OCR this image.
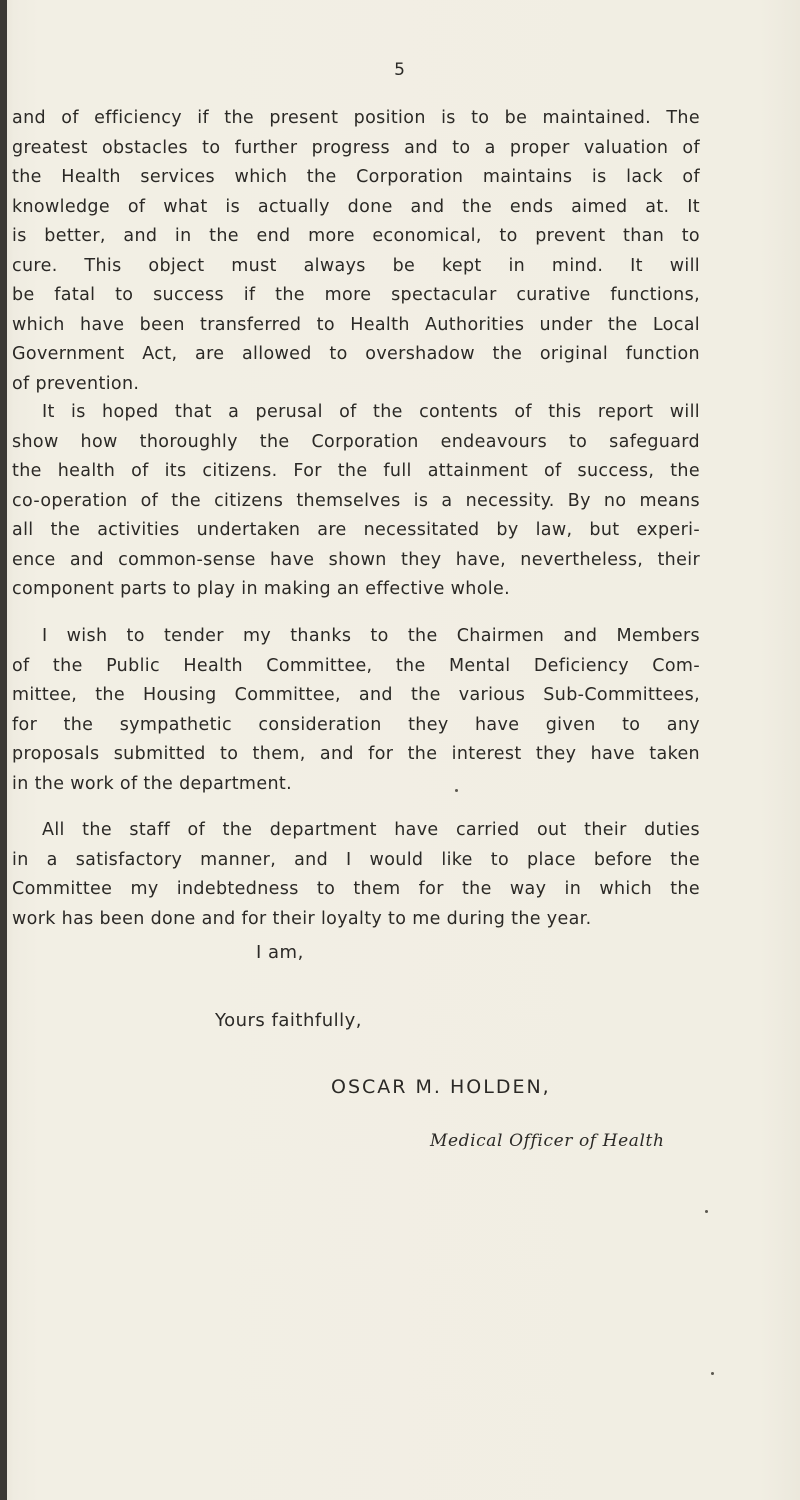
5
and of efficiency if the present position is to be maintained. The
greatest obstacles to further progress and to a proper valuation of
the Health services which the Corporation maintains is lack of
knowledge of what is actually done and the ends aimed at. It
is better, and in the end more economical, to prevent than to
cure. This object must always be kept in mind. It will
be fatal to success if the more spectacular curative functions,
which have been transferred to Health Authorities under the Local
Government Act, are allowed to overshadow the original function
of prevention.
It is hoped that a perusal of the contents of this report will
show how thoroughly the Corporation endeavours to safeguard
the health of its citizens. For the full attainment of success, the
co-operation of the citizens themselves is a necessity. By no means
all the activities undertaken are necessitated by law, but experi-
ence and common-sense have shown they have, nevertheless, their
component parts to play in making an effective whole.
I wish to tender my thanks to the Chairmen and Members
of the Public Health Committee, the Mental Deficiency Com-
mittee, the Housing Committee, and the various Sub-Committees,
for the sympathetic consideration they have given to any
proposals submitted to them, and for the interest they have taken
in the work of the department.
All the staff of the department have carried out their duties
in a satisfactory manner, and I would like to place before the
Committee my indebtedness to them for the way in which the
work has been done and for their loyalty to me during the year.
I am,
Yours faithfully,
OSCAR M. HOLDEN,
Medical Officer of Health
